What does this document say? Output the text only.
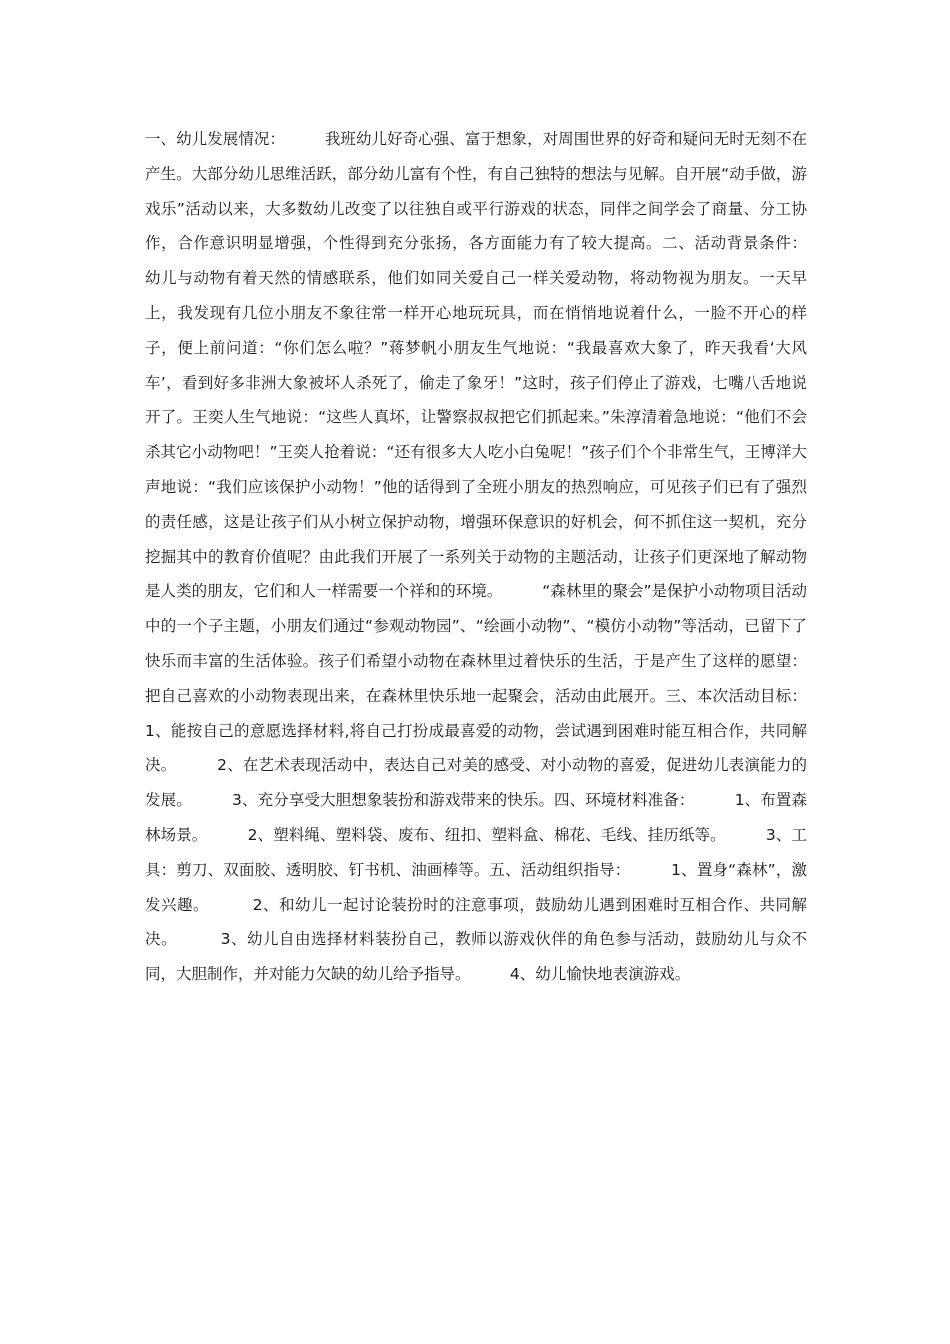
一、幼儿发展情况：        我班幼儿好奇心强、富于想象，对周围世界的好奇和疑问无时无刻不在产生。大部分幼儿思维活跃，部分幼儿富有个性，有自己独特的想法与见解。自开展“动手做，游戏乐”活动以来，大多数幼儿改变了以往独自或平行游戏的状态，同伴之间学会了商量、分工协作，合作意识明显增强，个性得到充分张扬，各方面能力有了较大提高。二、活动背景条件：        幼儿与动物有着天然的情感联系，他们如同关爱自己一样关爱动物，将动物视为朋友。一天早上，我发现有几位小朋友不象往常一样开心地玩玩具，而在悄悄地说着什么，一脸不开心的样子，便上前问道：“你们怎么啦？”蒋梦帆小朋友生气地说：“我最喜欢大象了，昨天我看‘大风车’，看到好多非洲大象被坏人杀死了，偷走了象牙！”这时，孩子们停止了游戏，七嘴八舌地说开了。王奕人生气地说：“这些人真坏，让警察叔叔把它们抓起来。”朱淳清着急地说：“他们不会杀其它小动物吧！”王奕人抢着说：“还有很多大人吃小白兔呢！”孩子们个个非常生气，王博洋大声地说：“我们应该保护小动物！”他的话得到了全班小朋友的热烈响应，可见孩子们已有了强烈的责任感，这是让孩子们从小树立保护动物，增强环保意识的好机会，何不抓住这一契机，充分挖掘其中的教育价值呢？由此我们开展了一系列关于动物的主题活动，让孩子们更深地了解动物是人类的朋友，它们和人一样需要一个祥和的环境。        “森林里的聚会”是保护小动物项目活动中的一个子主题，小朋友们通过“参观动物园”、“绘画小动物”、“模仿小动物”等活动，已留下了快乐而丰富的生活体验。孩子们希望小动物在森林里过着快乐的生活，于是产生了这样的愿望：把自己喜欢的小动物表现出来，在森林里快乐地一起聚会，活动由此展开。三、本次活动目标：        1、能按自己的意愿选择材料,将自己打扮成最喜爱的动物，尝试遇到困难时能互相合作，共同解决。        2、在艺术表现活动中，表达自己对美的感受、对小动物的喜爱，促进幼儿表演能力的发展。        3、充分享受大胆想象装扮和游戏带来的快乐。四、环境材料准备：        1、布置森林场景。        2、塑料绳、塑料袋、废布、纽扣、塑料盒、棉花、毛线、挂历纸等。        3、工具：剪刀、双面胶、透明胶、钉书机、油画棒等。五、活动组织指导：        1、置身“森林”，激发兴趣。        2、和幼儿一起讨论装扮时的注意事项，鼓励幼儿遇到困难时互相合作、共同解决。        3、幼儿自由选择材料装扮自己，教师以游戏伙伴的角色参与活动，鼓励幼儿与众不同，大胆制作，并对能力欠缺的幼儿给予指导。        4、幼儿愉快地表演游戏。
